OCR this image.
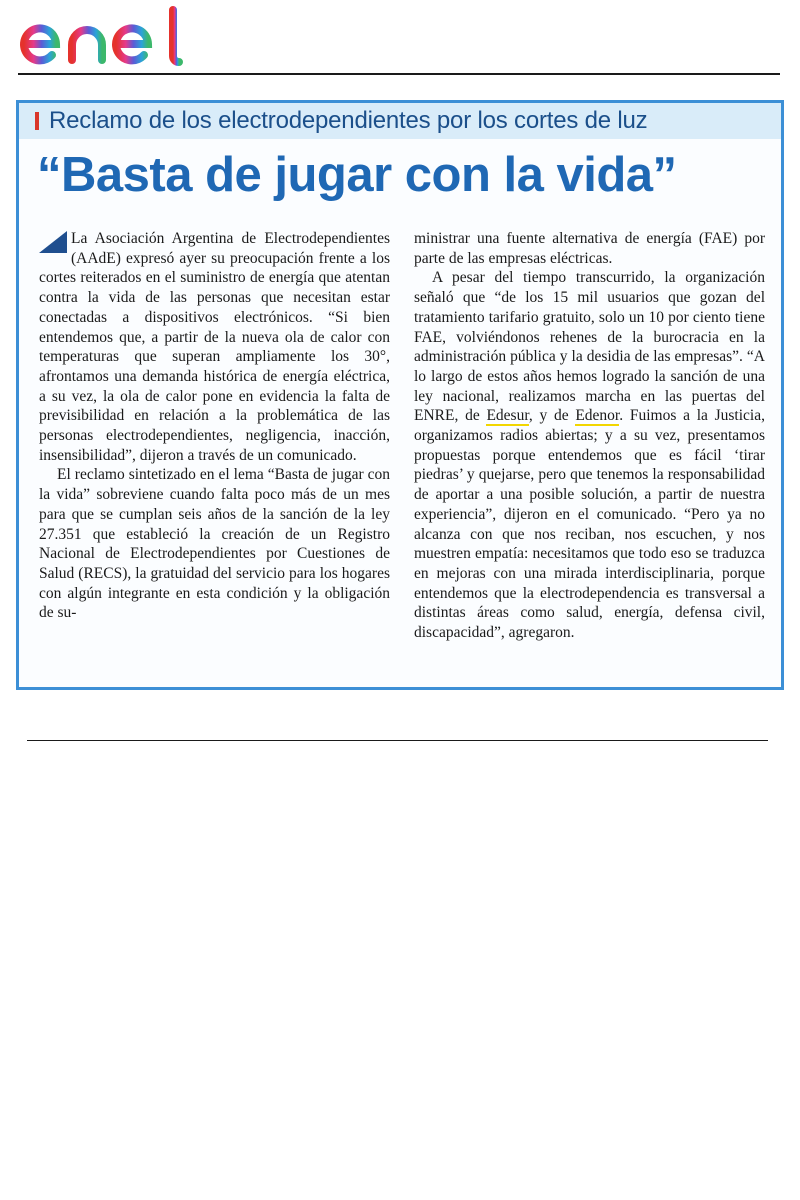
Reclamo de los electrodependientes por los cortes de luz
“Basta de jugar con la vida”

La Asociación Argentina de Electrodependientes (AAdE) expresó ayer su preocupación frente a los cortes reiterados en el suministro de energía que atentan contra la vida de las personas que necesitan estar conectadas a dispositivos electrónicos. “Si bien entendemos que, a partir de la nueva ola de calor con temperaturas que superan ampliamente los 30°, afrontamos una demanda histórica de energía eléctrica, a su vez, la ola de calor pone en evidencia la falta de previsibilidad en relación a la problemática de las personas electrodependientes, negligencia, inacción, insensibilidad”, dijeron a través de un comunicado.

El reclamo sintetizado en el lema “Basta de jugar con la vida” sobreviene cuando falta poco más de un mes para que se cumplan seis años de la sanción de la ley 27.351 que estableció la creación de un Registro Nacional de Electrodependientes por Cuestiones de Salud (RECS), la gratuidad del servicio para los hogares con algún integrante en esta condición y la obligación de su-

ministrar una fuente alternativa de energía (FAE) por parte de las empresas eléctricas.

A pesar del tiempo transcurrido, la organización señaló que “de los 15 mil usuarios que gozan del tratamiento tarifario gratuito, solo un 10 por ciento tiene FAE, volviéndonos rehenes de la burocracia en la administración pública y la desidia de las empresas”. “A lo largo de estos años hemos logrado la sanción de una ley nacional, realizamos marcha en las puertas del ENRE, de Edesur, y de Edenor. Fuimos a la Justicia, organizamos radios abiertas; y a su vez, presentamos propuestas porque entendemos que es fácil ‘tirar piedras’ y quejarse, pero que tenemos la responsabilidad de aportar a una posible solución, a partir de nuestra experiencia”, dijeron en el comunicado. “Pero ya no alcanza con que nos reciban, nos escuchen, y nos muestren empatía: necesitamos que todo eso se traduzca en mejoras con una mirada interdisciplinaria, porque entendemos que la electrodependencia es transversal a distintas áreas como salud, energía, defensa civil, discapacidad”, agregaron.
